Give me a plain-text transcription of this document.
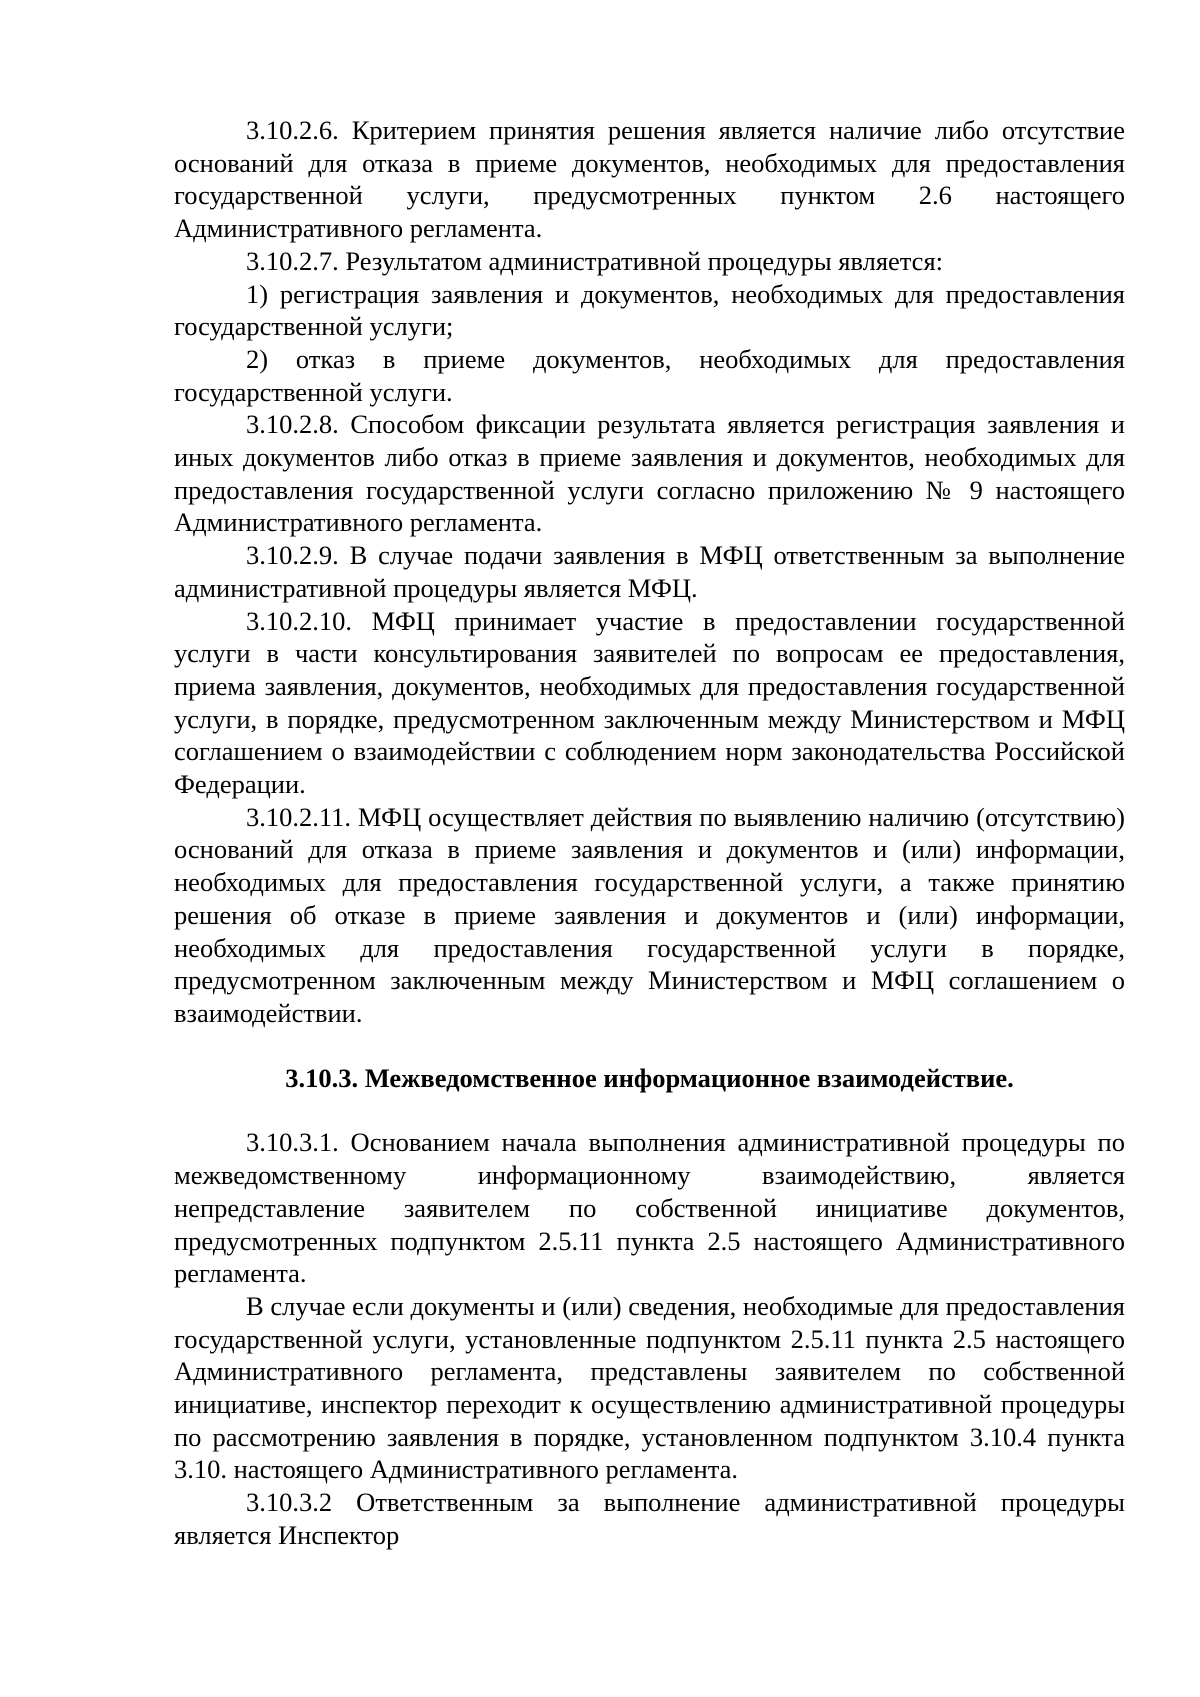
3.10.2.6. Критерием принятия решения является наличие либо отсутствие оснований для отказа в приеме документов, необходимых для предоставления государственной услуги, предусмотренных пунктом 2.6 настоящего Административного регламента.

3.10.2.7. Результатом административной процедуры является:

1) регистрация заявления и документов, необходимых для предоставления государственной услуги;

2) отказ в приеме документов, необходимых для предоставления государственной услуги.

3.10.2.8. Способом фиксации результата является регистрация заявления и иных документов либо отказ в приеме заявления и документов, необходимых для предоставления государственной услуги согласно приложению № 9 настоящего Административного регламента.

3.10.2.9. В случае подачи заявления в МФЦ ответственным за выполнение административной процедуры является МФЦ.

3.10.2.10. МФЦ принимает участие в предоставлении государственной услуги в части консультирования заявителей по вопросам ее предоставления, приема заявления, документов, необходимых для предоставления государственной услуги, в порядке, предусмотренном заключенным между Министерством и МФЦ соглашением о взаимодействии с соблюдением норм законодательства Российской Федерации.

3.10.2.11. МФЦ осуществляет действия по выявлению наличию (отсутствию) оснований для отказа в приеме заявления и документов и (или) информации, необходимых для предоставления государственной услуги, а также принятию решения об отказе в приеме заявления и документов и (или) информации, необходимых для предоставления государственной услуги в порядке, предусмотренном заключенным между Министерством и МФЦ соглашением о взаимодействии.

3.10.3. Межведомственное информационное взаимодействие.

3.10.3.1. Основанием начала выполнения административной процедуры по межведомственному информационному взаимодействию, является непредставление заявителем по собственной инициативе документов, предусмотренных подпунктом 2.5.11 пункта 2.5 настоящего Административного регламента.

В случае если документы и (или) сведения, необходимые для предоставления государственной услуги, установленные подпунктом 2.5.11 пункта 2.5 настоящего Административного регламента, представлены заявителем по собственной инициативе, инспектор переходит к осуществлению административной процедуры по рассмотрению заявления в порядке, установленном подпунктом 3.10.4 пункта 3.10. настоящего Административного регламента.

3.10.3.2 Ответственным за выполнение административной процедуры является Инспектор
